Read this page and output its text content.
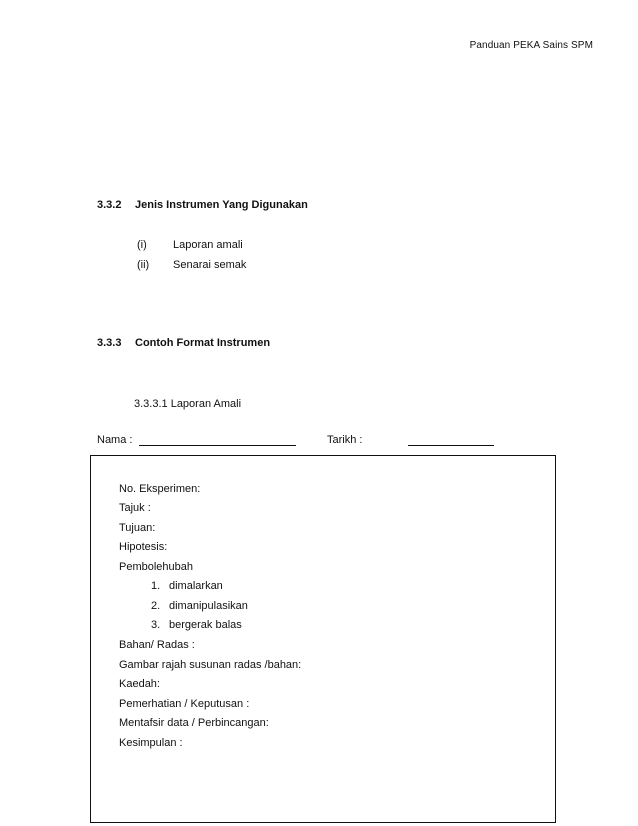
Panduan PEKA Sains SPM
3.3.2 Jenis Instrumen Yang Digunakan
(i) Laporan amali
(ii) Senarai semak
3.3.3 Contoh Format Instrumen
3.3.3.1 Laporan Amali
Nama :	Tarikh :
No. Eksperimen:
Tajuk :
Tujuan:
Hipotesis:
Pembolehubah
1. dimalarkan
2. dimanipulasikan
3. bergerak balas
Bahan/ Radas :
Gambar rajah susunan radas /bahan:
Kaedah:
Pemerhatian / Keputusan :
Mentafsir data / Perbincangan:
Kesimpulan :
